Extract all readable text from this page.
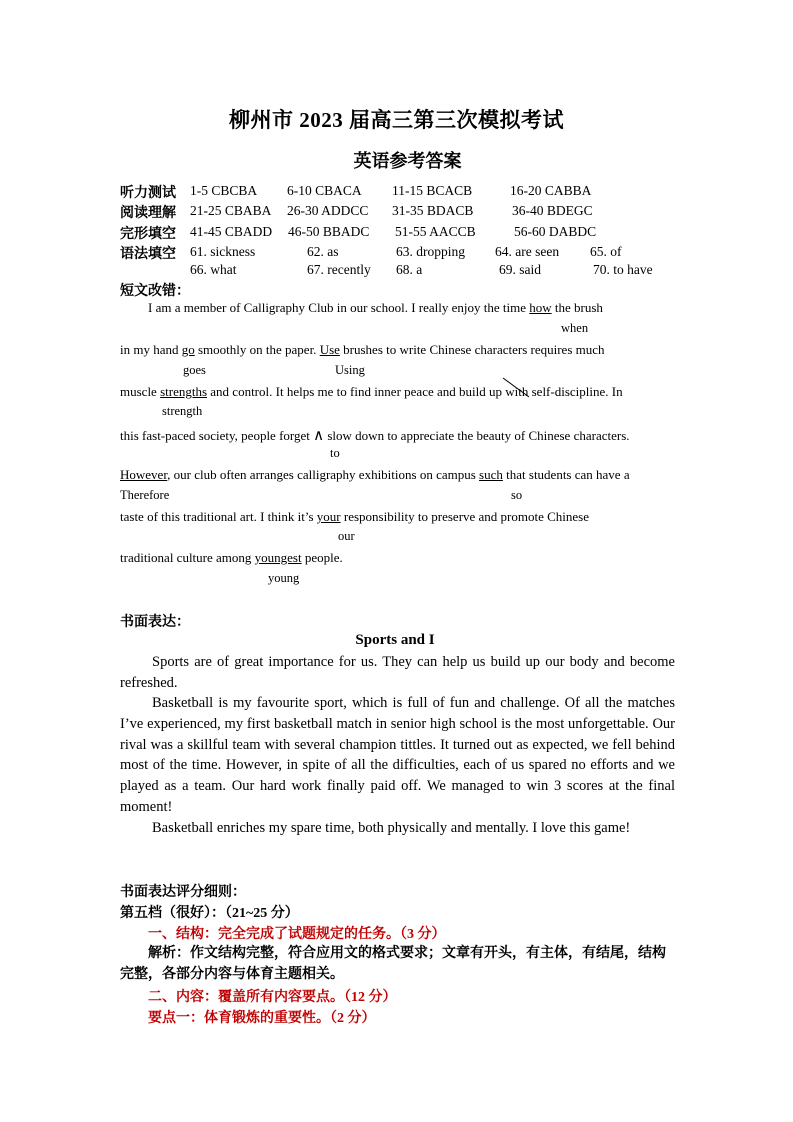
柳州市 2023 届高三第三次模拟考试
英语参考答案
听力测试 1-5 CBCBA 6-10 CBACA 11-15 BCACB	16-20 CABBA
阅读理解 21-25 CBABA 26-30 ADDCC 31-35 BDACB	36-40 BDEGC
完形填空 41-45 CBADD 46-50 BBADC 51-55 AACCB	56-60 DABDC
语法填空 61. sickness	62. as	63. dropping 64. are seen 65. of
66. what	67. recently 68. a	69. said	70. to have
短文改错：
I am a member of Calligraphy Club in our school. I really enjoy the time how the brush
when
in my hand go smoothly on the paper. Use brushes to write Chinese characters requires much
goes	Using
muscle strengths and control. It helps me to find inner peace and build up with
self-discipline. In
strength
this fast-paced society, people forget ∧ slow down to appreciate the beauty of Chinese characters.
to
However, our club often arranges calligraphy exhibitions on campus such that students can have a
Therefore	so
taste of this traditional art. I think it’s your responsibility to preserve and promote Chinese
our
traditional culture among youngest people.
young
书面表达：
Sports and I
Sports are of great importance for us. They can help us build up our body and become refreshed.
Basketball is my favourite sport, which is full of fun and challenge. Of all the matches I’ve experienced, my first basketball match in senior high school is the most unforgettable. Our rival was a skillful team with several champion tittles. It turned out as expected, we fell behind most of the time. However, in spite of all the difficulties, each of us spared no efforts and we played as a team. Our hard work finally paid off. We managed to win 3 scores at the final moment!
Basketball enriches my spare time, both physically and mentally. I love this game!
书面表达评分细则：
第五档（很好）：（21~25 分）
一、结构：完全完成了试题规定的任务。（3 分）
解析：作文结构完整，符合应用文的格式要求；文章有开头，有主体，有结尾，结构完整，各部分内容与体育主题相关。
二、内容：覆盖所有内容要点。（12 分）
要点一：体育锻炼的重要性。（2 分）
